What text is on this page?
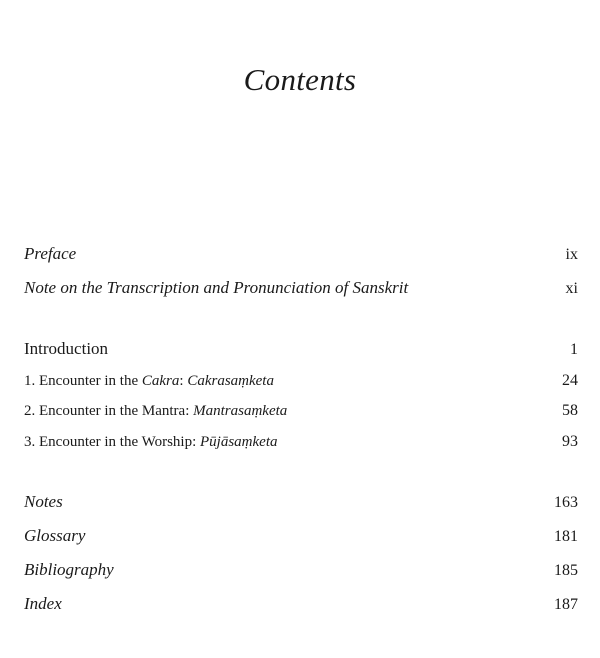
Contents
Preface	ix
Note on the Transcription and Pronunciation of Sanskrit	xi
Introduction	1
1. Encounter in the Cakra: Cakrasaṃketa	24
2. Encounter in the Mantra: Mantrasaṃketa	58
3. Encounter in the Worship: Pūjāsaṃketa	93
Notes	163
Glossary	181
Bibliography	185
Index	187
